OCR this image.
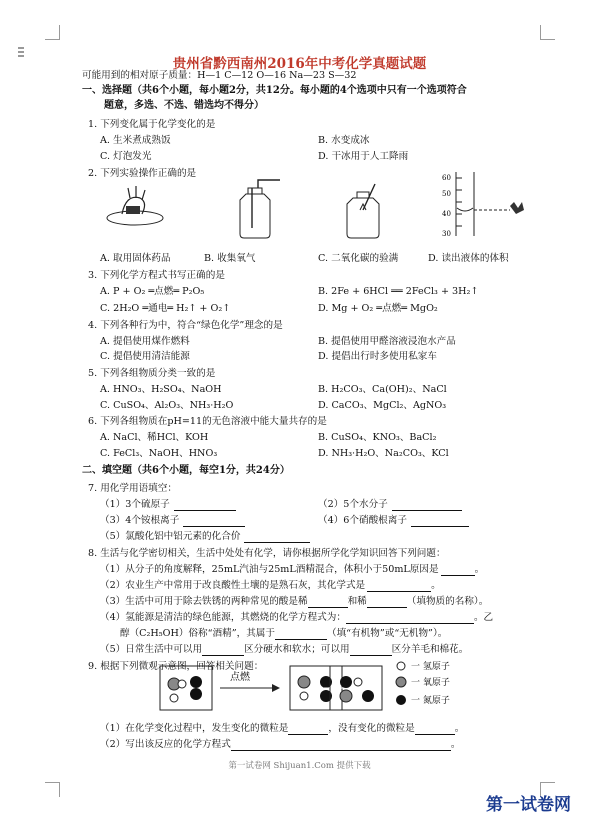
贵州省黔西南州2016年中考化学真题试题
可能用到的相对原子质量：H—1 C—12 O—16 Na—23 S—32
一、选择题（共6个小题，每小题2分，共12分。每小题的4个选项中只有一个选项符合
题意，多选、不选、错选均不得分）
1. 下列变化属于化学变化的是
A. 生米煮成熟饭	B. 水变成冰
C. 灯泡发光	D. 干冰用于人工降雨
2. 下列实验操作正确的是	60
50
40
30
A. 取用固体药品	B. 收集氧气	C. 二氧化碳的验满	D. 读出液体的体积
3. 下列化学方程式书写正确的是
A. P + O₂ ═点燃═ P₂O₅	B. 2Fe + 6HCl ══ 2FeCl₃ + 3H₂↑
C. 2H₂O ═通电═ H₂↑ + O₂↑	D. Mg + O₂ ═点燃═ MgO₂
4. 下列各种行为中，符合“绿色化学”理念的是
A. 提倡使用煤作燃料	B. 提倡使用甲醛溶液浸泡水产品
C. 提倡使用清洁能源	D. 提倡出行时多使用私家车
5. 下列各组物质分类一致的是
A. HNO₃、H₂SO₄、NaOH	B. H₂CO₃、Ca(OH)₂、NaCl
C. CuSO₄、Al₂O₃、NH₃·H₂O	D. CaCO₃、MgCl₂、AgNO₃
6. 下列各组物质在pH=11的无色溶液中能大量共存的是
A. NaCl、稀HCl、KOH	B. CuSO₄、KNO₃、BaCl₂
C. FeCl₃、NaOH、HNO₃	D. NH₃·H₂O、Na₂CO₃、KCl
二、填空题（共6个小题，每空1分，共24分）
7. 用化学用语填空：
（1）3个硫原子	（2）5个水分子
（3）4个铵根离子	（4）6个硝酸根离子
（5）氯酸化铝中铝元素的化合价
8. 生活与化学密切相关，生活中处处有化学，请你根据所学化学知识回答下列问题：
（1）从分子的角度解释，25mL汽油与25mL酒精混合，体积小于50mL原因是	。
（2）农业生产中常用于改良酸性土壤的是熟石灰，其化学式是	。
（3）生活中可用于除去铁锈的两种常见的酸是稀	和稀	（填物质的名称）。
（4）氢能源是清洁的绿色能源，其燃烧的化学方程式为：	。乙
醇（C₂H₅OH）俗称“酒精”，其属于	（填“有机物”或“无机物”）。
（5）日常生活中可以用	区分硬水和软水；可以用	区分羊毛和棉花。
9. 根据下列微观示意图，回答相关问题：
点燃
一 氢原子
一 氧原子
一 氮原子
（1）在化学变化过程中，发生变化的微粒是	，没有变化的微粒是	。
（2）写出该反应的化学方程式	。
第一试卷网 Shijuan1.Com 提供下载
第一试卷网
